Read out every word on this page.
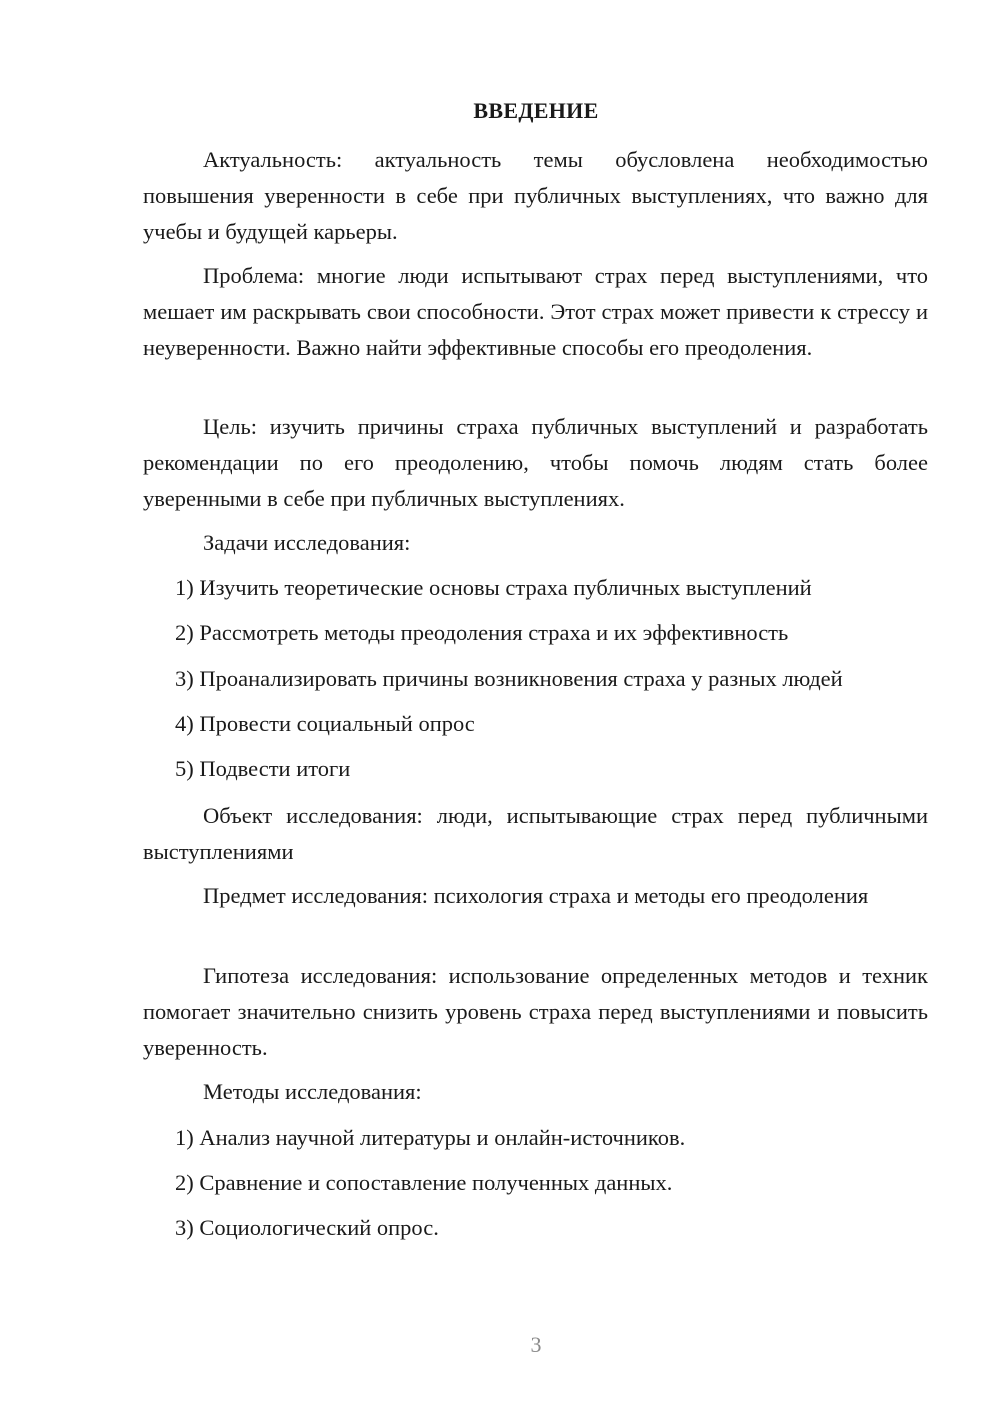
ВВЕДЕНИЕ

Актуальность: актуальность темы обусловлена необходимостью повышения уверенности в себе при публичных выступлениях, что важно для учебы и будущей карьеры.

Проблема: многие люди испытывают страх перед выступлениями, что мешает им раскрывать свои способности. Этот страх может привести к стрессу и неуверенности. Важно найти эффективные способы его преодоления.

Цель: изучить причины страха публичных выступлений и разработать рекомендации по его преодолению, чтобы помочь людям стать более уверенными в себе при публичных выступлениях.

Задачи исследования:

1) Изучить теоретические основы страха публичных выступлений

2) Рассмотреть методы преодоления страха и их эффективность

3) Проанализировать причины возникновения страха у разных людей

4) Провести социальный опрос

5) Подвести итоги

Объект исследования: люди, испытывающие страх перед публичными выступлениями

Предмет исследования: психология страха и методы его преодоления

Гипотеза исследования: использование определенных методов и техник помогает значительно снизить уровень страха перед выступлениями и повысить уверенность.

Методы исследования:

1) Анализ научной литературы и онлайн-источников.

2) Сравнение и сопоставление полученных данных.

3) Социологический опрос.

3
